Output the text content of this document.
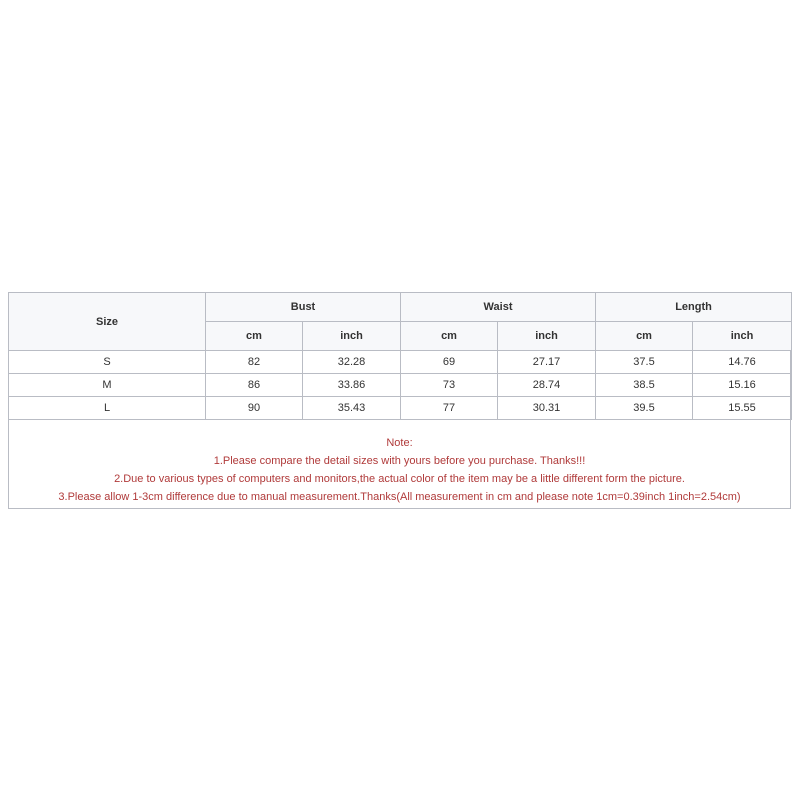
Size	Bust		Waist		Length	
	cm	inch	cm	inch	cm	inch
S	82	32.28	69	27.17	37.5	14.76
M	86	33.86	73	28.74	38.5	15.16
L	90	35.43	77	30.31	39.5	15.55
Note:
1.Please compare the detail sizes with yours before you purchase. Thanks!!!
2.Due to various types of computers and monitors,the actual color of the item may be a little different form the picture.
3.Please allow 1-3cm difference due to manual measurement.Thanks(All measurement in cm and please note 1cm=0.39inch 1inch=2.54cm)
